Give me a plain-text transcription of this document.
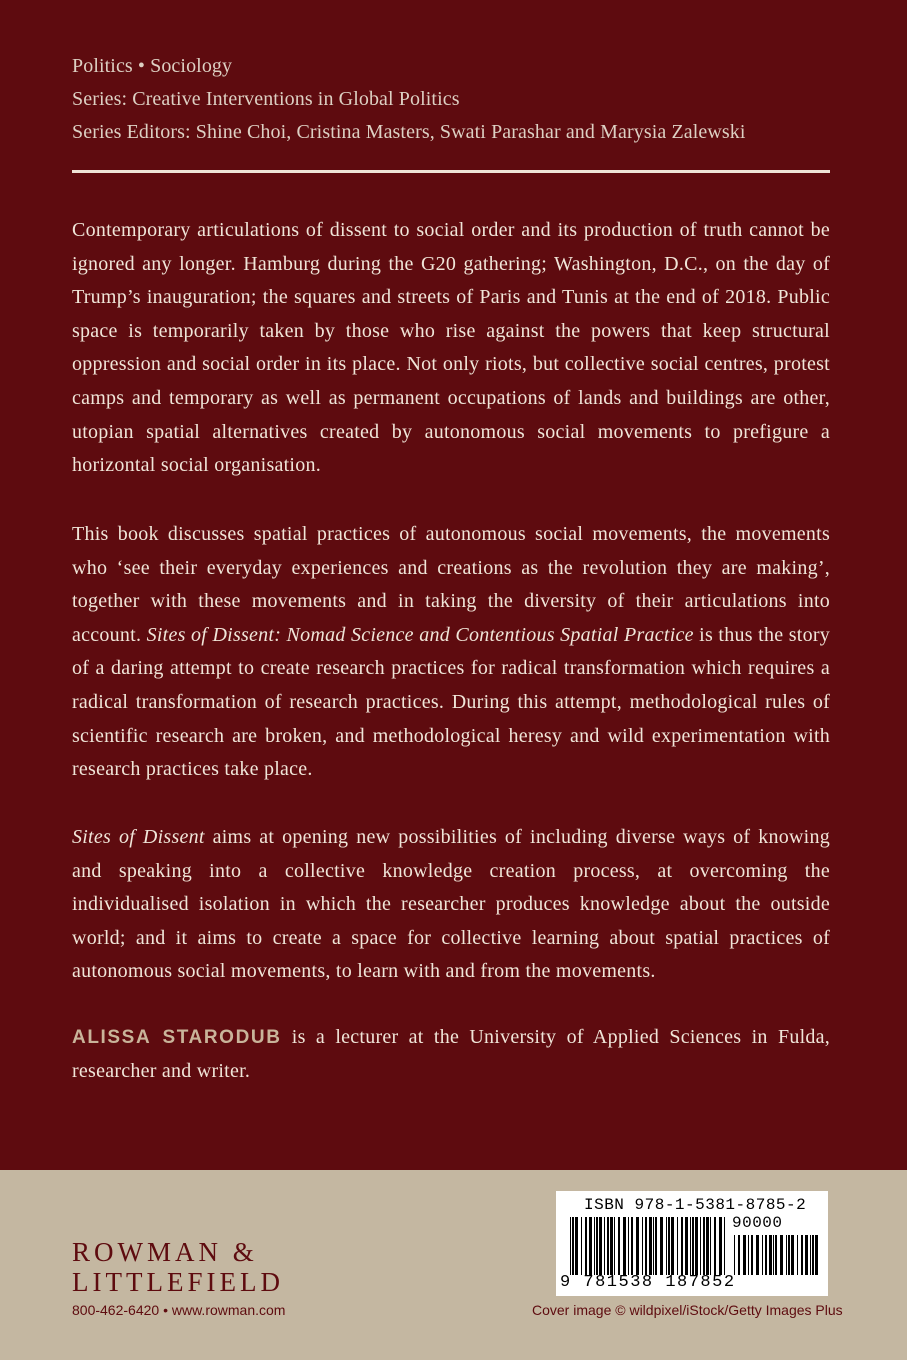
Politics • Sociology
Series: Creative Interventions in Global Politics
Series Editors: Shine Choi, Cristina Masters, Swati Parashar and Marysia Zalewski
Contemporary articulations of dissent to social order and its production of truth cannot be ignored any longer. Hamburg during the G20 gathering; Washington, D.C., on the day of Trump’s inauguration; the squares and streets of Paris and Tunis at the end of 2018. Public space is temporarily taken by those who rise against the powers that keep structural oppression and social order in its place. Not only riots, but collective social centres, protest camps and temporary as well as permanent occupations of lands and buildings are other, utopian spatial alternatives created by autonomous social movements to prefigure a horizontal social organisation.
This book discusses spatial practices of autonomous social movements, the movements who ‘see their everyday experiences and creations as the revolution they are making’, together with these movements and in taking the diversity of their articulations into account. Sites of Dissent: Nomad Science and Contentious Spatial Practice is thus the story of a daring attempt to create research practices for radical transformation which requires a radical transformation of research practices. During this attempt, methodological rules of scientific research are broken, and methodological heresy and wild experimentation with research practices take place.
Sites of Dissent aims at opening new possibilities of including diverse ways of knowing and speaking into a collective knowledge creation process, at overcoming the individualised isolation in which the researcher produces knowledge about the outside world; and it aims to create a space for collective learning about spatial practices of autonomous social movements, to learn with and from the movements.
ALISSA STARODUB is a lecturer at the University of Applied Sciences in Fulda, researcher and writer.
ROWMAN &
LITTLEFIELD
800-462-6420 • www.rowman.com
ISBN 978-1-5381-8785-2
90000
9 781538 187852
Cover image © wildpixel/iStock/Getty Images Plus
